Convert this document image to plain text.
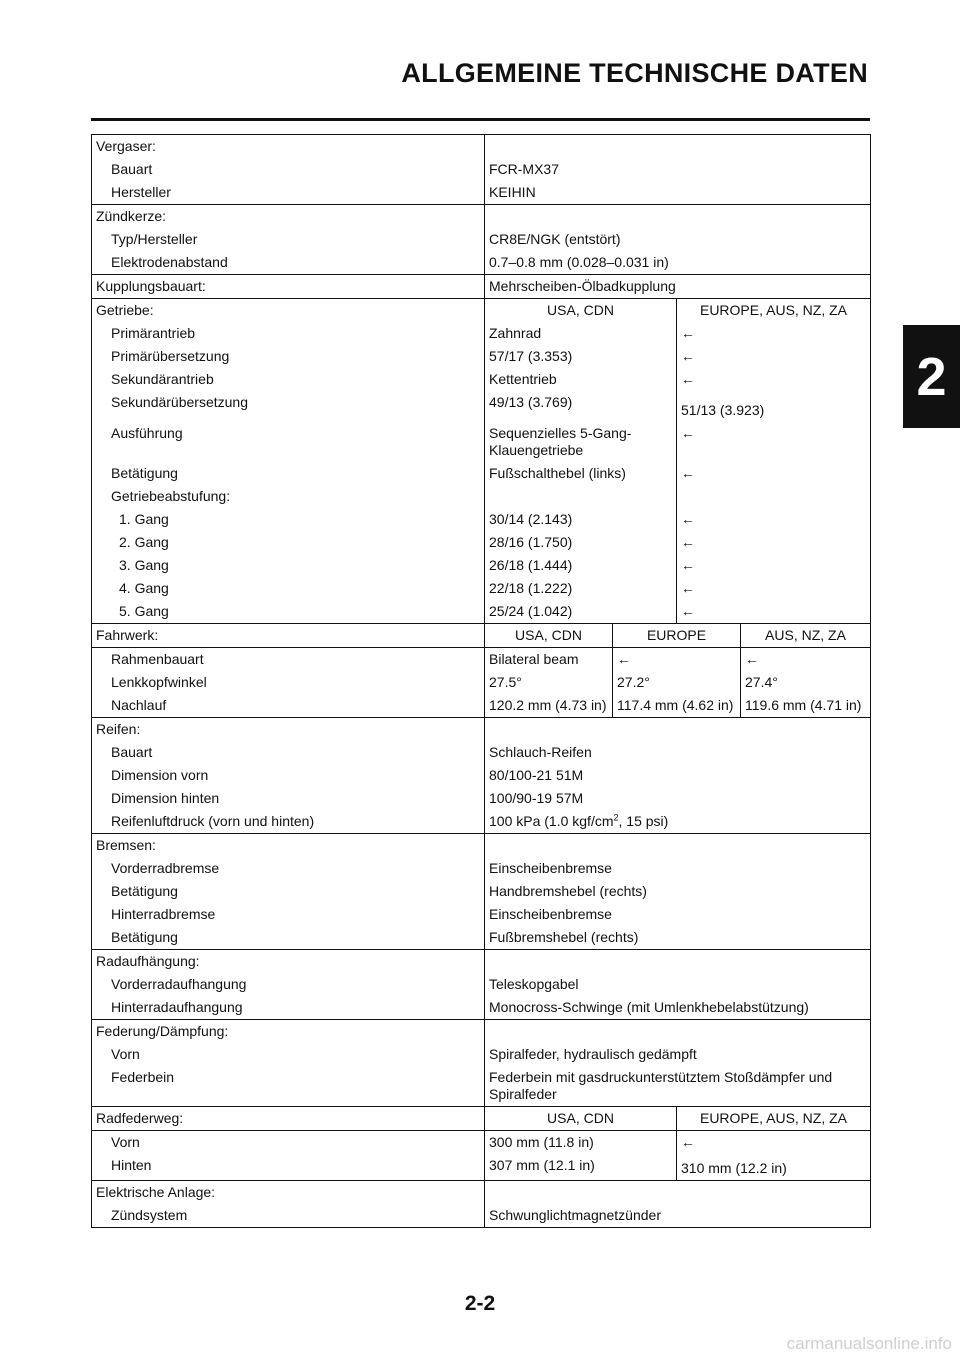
ALLGEMEINE TECHNISCHE DATEN
2
Vergaser:				
Bauart	FCR-MX37			
Hersteller	KEIHIN			
Zündkerze:				
Typ/Hersteller	CR8E/NGK (entstört)			
Elektrodenabstand	0.7–0.8 mm (0.028–0.031 in)			
Kupplungsbauart:	Mehrscheiben-Ölbadkupplung			
Getriebe:	USA, CDN		EUROPE, AUS, NZ, ZA	
Primärantrieb	Zahnrad		←	
Primärübersetzung	57/17 (3.353)		←	
Sekundärantrieb	Kettentrieb		←	
Sekundärübersetzung	49/13 (3.769)		51/13 (3.923)	
Ausführung	Sequenzielles 5-Gang-Klauengetriebe		←	
Betätigung	Fußschalthebel (links)		←	
Getriebeabstufung:				
1. Gang	30/14 (2.143)		←	
2. Gang	28/16 (1.750)		←	
3. Gang	26/18 (1.444)		←	
4. Gang	22/18 (1.222)		←	
5. Gang	25/24 (1.042)		←	
Fahrwerk:	USA, CDN	EUROPE		AUS, NZ, ZA
Rahmenbauart	Bilateral beam	←		←
Lenkkopfwinkel	27.5°	27.2°		27.4°
Nachlauf	120.2 mm (4.73 in)	117.4 mm (4.62 in)		119.6 mm (4.71 in)
Reifen:				
Bauart	Schlauch-Reifen			
Dimension vorn	80/100-21 51M			
Dimension hinten	100/90-19 57M			
Reifenluftdruck (vorn und hinten)	100 kPa (1.0 kgf/$cm^2$, 15 psi)			
Bremsen:				
Vorderradbremse	Einscheibenbremse			
Betätigung	Handbremshebel (rechts)			
Hinterradbremse	Einscheibenbremse			
Betätigung	Fußbremshebel (rechts)			
Radaufhängung:				
Vorderradaufhangung	Teleskopgabel			
Hinterradaufhangung	Monocross-Schwinge (mit Umlenkhebelabstützung)			
Federung/Dämpfung:				
Vorn	Spiralfeder, hydraulisch gedämpft			
Federbein	Federbein mit gasdruckunterstütztem Stoßdämpfer und Spiralfeder			
Radfederweg:	USA, CDN		EUROPE, AUS, NZ, ZA	
Vorn	300 mm (11.8 in)		←	
Hinten	307 mm (12.1 in)		310 mm (12.2 in)	
Elektrische Anlage:				
Zündsystem	Schwunglichtmagnetzünder			
2-2
carmanualsonline.info
